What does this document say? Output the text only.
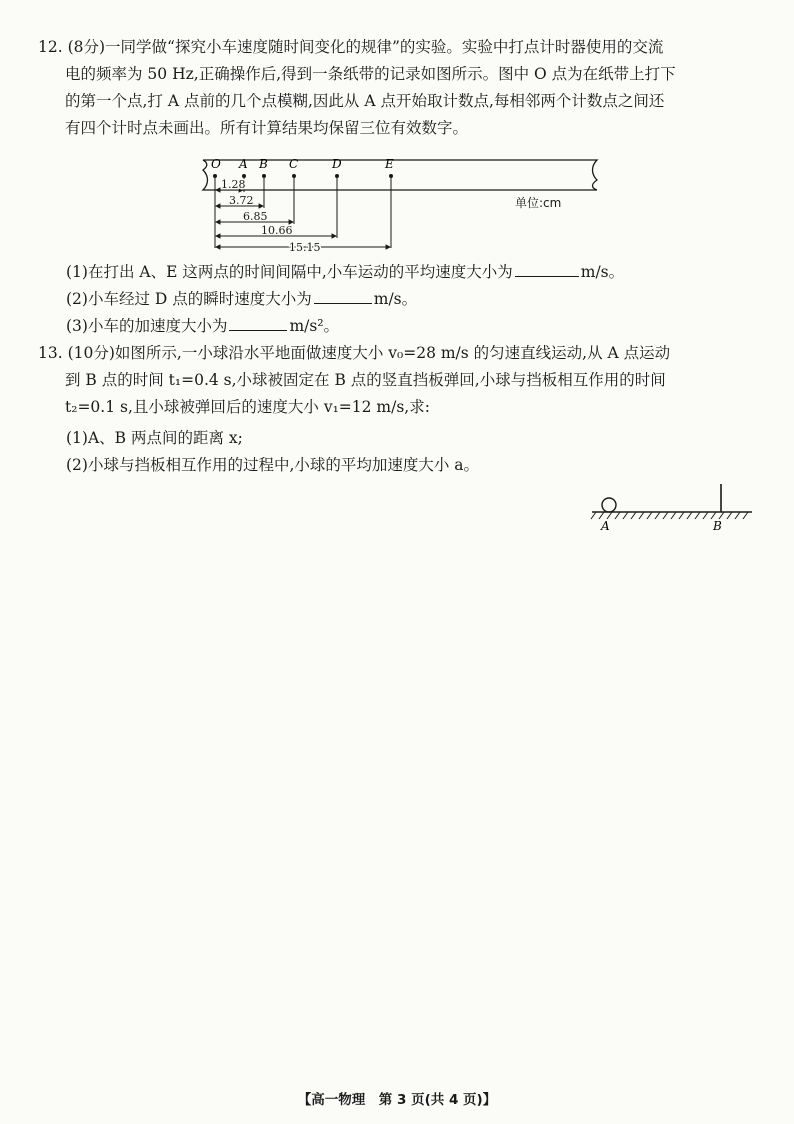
12. (8分)一同学做“探究小车速度随时间变化的规律”的实验。实验中打点计时器使用的交流
电的频率为 50 Hz,正确操作后,得到一条纸带的记录如图所示。图中 O 点为在纸带上打下
的第一个点,打 A 点前的几个点模糊,因此从 A 点开始取计数点,每相邻两个计数点之间还
有四个计时点未画出。所有计算结果均保留三位有效数字。
O A B C	D	E
1.28
3.72
6.85
10.66
15.15
单位:cm
(1)在打出 A、E 这两点的时间间隔中,小车运动的平均速度大小为	m/s。
(2)小车经过 D 点的瞬时速度大小为	m/s。
(3)小车的加速度大小为	m/s²。
13. (10分)如图所示,一小球沿水平地面做速度大小 v₀=28 m/s 的匀速直线运动,从 A 点运动
到 B 点的时间 t₁=0.4 s,小球被固定在 B 点的竖直挡板弹回,小球与挡板相互作用的时间
t₂=0.1 s,且小球被弹回后的速度大小 v₁=12 m/s,求:
(1)A、B 两点间的距离 x;
(2)小球与挡板相互作用的过程中,小球的平均加速度大小 a。
A	B
【高一物理　第 3 页(共 4 页)】
